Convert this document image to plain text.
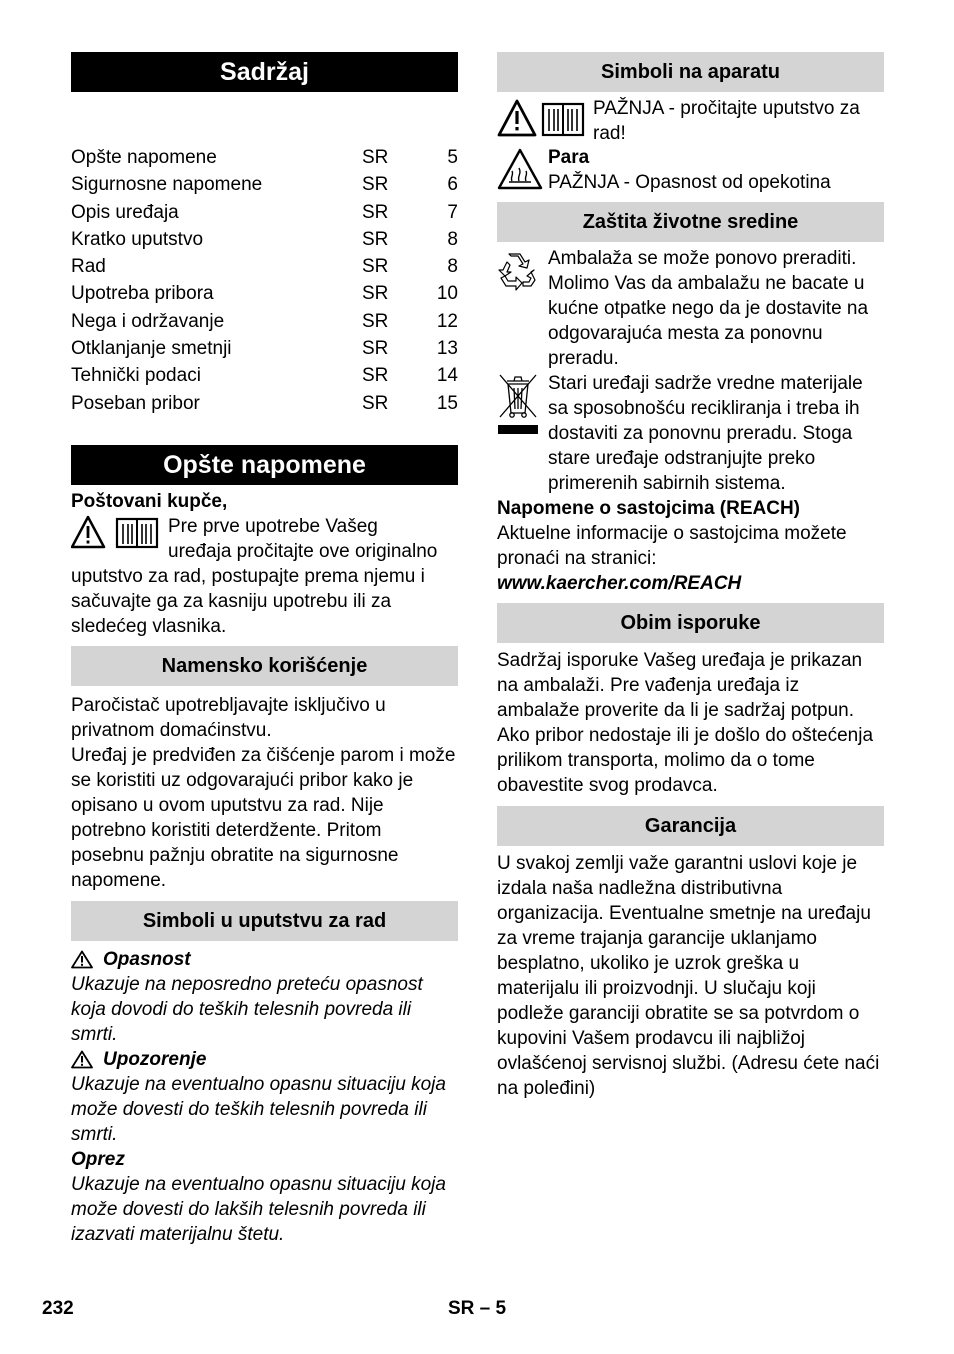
Sadržaj
Opšte napomene	SR	5
Sigurnosne napomene	SR	6
Opis uređaja	SR	7
Kratko uputstvo	SR	8
Rad	SR	8
Upotreba pribora	SR	10
Nega i održavanje	SR	12
Otklanjanje smetnji	SR	13
Tehnički podaci	SR	14
Poseban pribor	SR	15
Opšte napomene

Poštovani kupče,

Pre prve upotrebe Vašeg

uređaja pročitajte ove originalno

uputstvo za rad, postupajte prema njemu i sačuvajte ga za kasniju upotrebu ili za sledećeg vlasnika.

Namensko korišćenje

Paročistač upotrebljavajte isključivo u privatnom domaćinstvu.

Uređaj je predviđen za čišćenje parom i može se koristiti uz odgovarajući pribor kako je opisano u ovom uputstvu za rad. Nije potrebno koristiti deterdžente. Pritom posebnu pažnju obratite na sigurnosne napomene.

Simboli u uputstvu za rad

Opasnost

Ukazuje na neposredno preteću opasnost koja dovodi do teških telesnih povreda ili smrti.

Upozorenje

Ukazuje na eventualno opasnu situaciju koja može dovesti do teških telesnih povreda ili smrti.

Oprez

Ukazuje na eventualno opasnu situaciju koja može dovesti do lakših telesnih povreda ili izazvati materijalnu štetu.

Simboli na aparatu

PAŽNJA - pročitajte uputstvo za rad!

Para

PAŽNJA - Opasnost od opekotina

Zaštita životne sredine

Ambalaža se može ponovo preraditi. Molimo Vas da ambalažu ne bacate u kućne otpatke nego da je dostavite na odgovarajuća mesta za ponovnu preradu.

Stari uređaji sadrže vredne materijale sa sposobnošću recikliranja i treba ih dostaviti za ponovnu preradu. Stoga stare uređaje odstranjujte preko primerenih sabirnih sistema.

Napomene o sastojcima (REACH)

Aktuelne informacije o sastojcima možete pronaći na stranici:

www.kaercher.com/REACH

Obim isporuke

Sadržaj isporuke Vašeg uređaja je prikazan na ambalaži. Pre vađenja uređaja iz ambalaže proverite da li je sadržaj potpun.

Ako pribor nedostaje ili je došlo do oštećenja prilikom transporta, molimo da o tome obavestite svog prodavca.

Garancija

U svakoj zemlji važe garantni uslovi koje je izdala naša nadležna distributivna organizacija. Eventualne smetnje na uređaju za vreme trajanja garancije uklanjamo besplatno, ukoliko je uzrok greška u materijalu ili proizvodnji. U slučaju koji podleže garanciji obratite se sa potvrdom o kupovini Vašem prodavcu ili najbližoj ovlašćenoj servisnoj službi. (Adresu ćete naći na poleđini)

232	SR – 5
